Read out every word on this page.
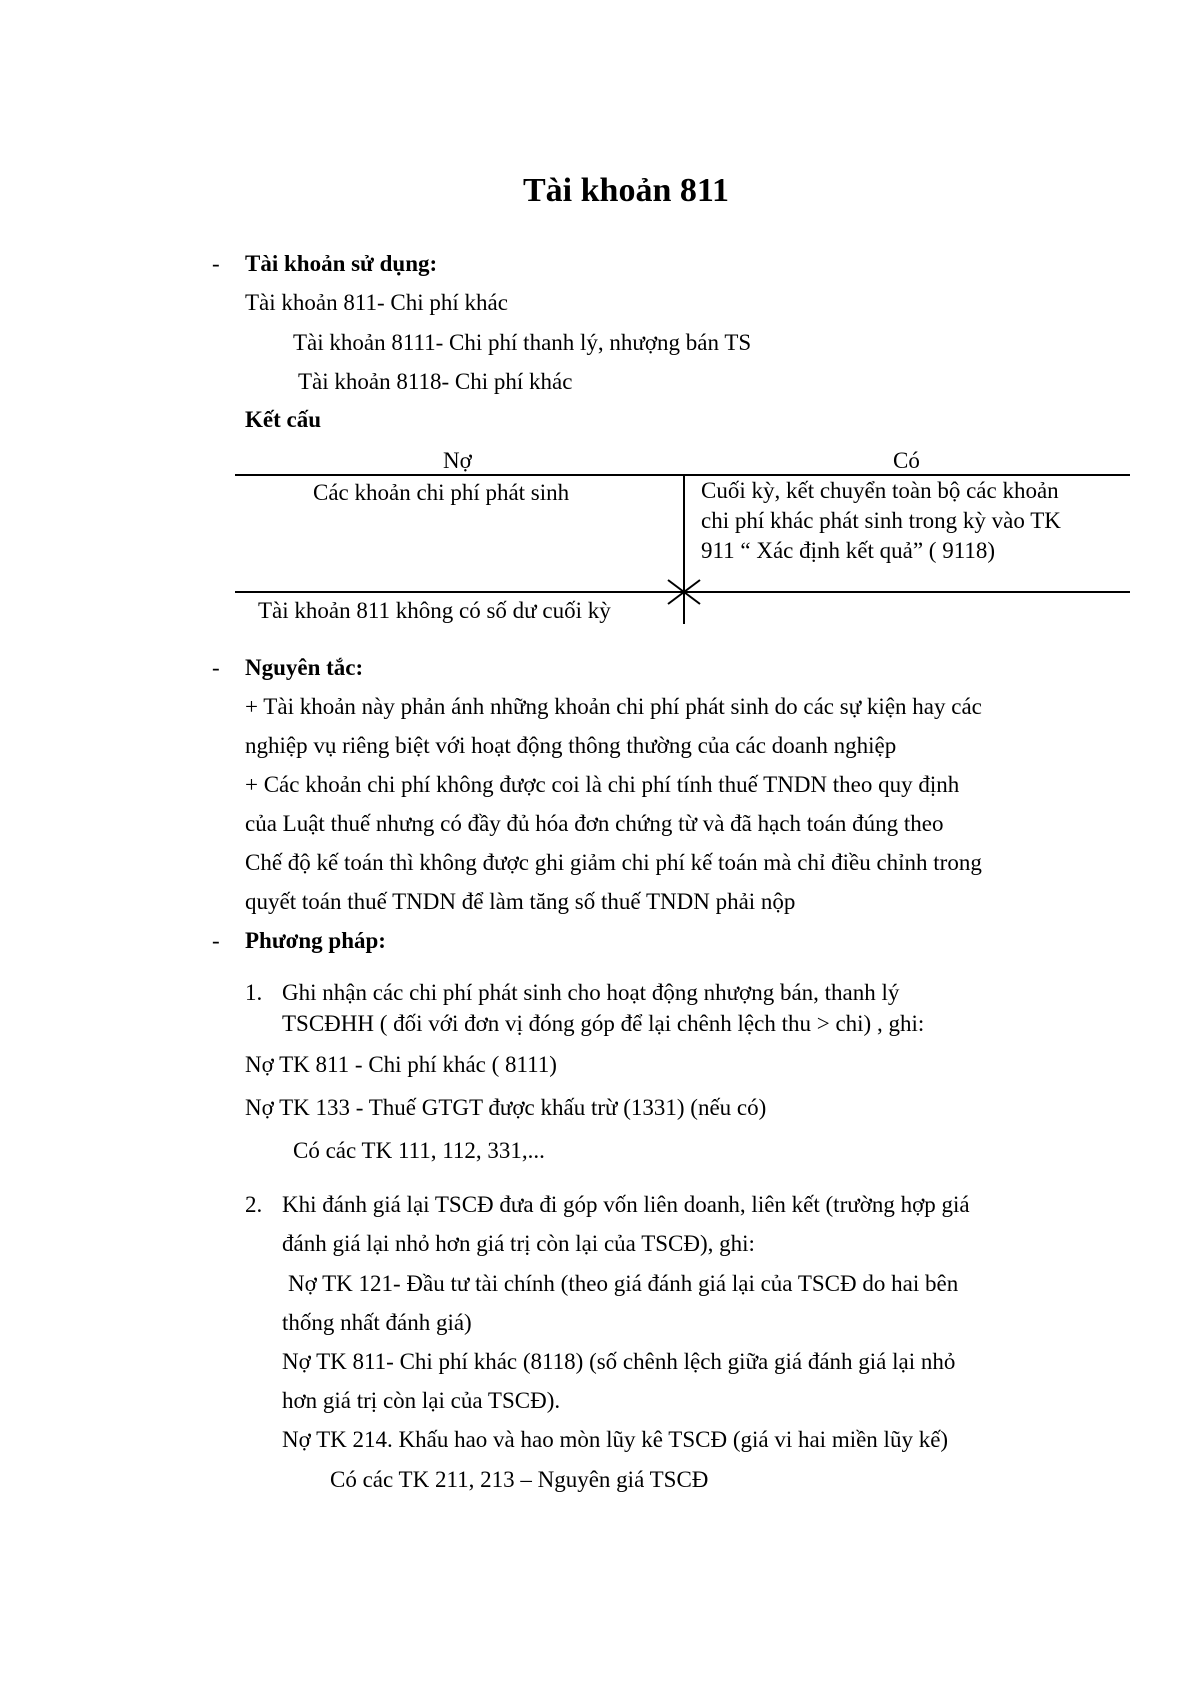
Tài khoản 811
- Tài khoản sử dụng:
Tài khoản 811- Chi phí khác
Tài khoản 8111- Chi phí thanh lý, nhượng bán TS
Tài khoản 8118- Chi phí khác
Kết cấu
Nợ	Có
Các khoản chi phí phát sinh	Cuối kỳ, kết chuyển toàn bộ các khoản
chi phí khác phát sinh trong kỳ vào TK
911 “ Xác định kết quả” ( 9118)
Tài khoản 811 không có số dư cuối kỳ
- Nguyên tắc:
+ Tài khoản này phản ánh những khoản chi phí phát sinh do các sự kiện hay các
nghiệp vụ riêng biệt với hoạt động thông thường của các doanh nghiệp
+ Các khoản chi phí không được coi là chi phí tính thuế TNDN theo quy định
của Luật thuế nhưng có đầy đủ hóa đơn chứng từ và đã hạch toán đúng theo
Chế độ kế toán thì không được ghi giảm chi phí kế toán mà chỉ điều chỉnh trong
quyết toán thuế TNDN để làm tăng số thuế TNDN phải nộp
- Phương pháp:
1. Ghi nhận các chi phí phát sinh cho hoạt động nhượng bán, thanh lý
TSCĐHH ( đối với đơn vị đóng góp để lại chênh lệch thu > chi) , ghi:
Nợ TK 811 - Chi phí khác ( 8111)
Nợ TK 133 - Thuế GTGT được khấu trừ (1331) (nếu có)
Có các TK 111, 112, 331,...
2. Khi đánh giá lại TSCĐ đưa đi góp vốn liên doanh, liên kết (trường hợp giá
đánh giá lại nhỏ hơn giá trị còn lại của TSCĐ), ghi:
Nợ TK 121- Đầu tư tài chính (theo giá đánh giá lại của TSCĐ do hai bên
thống nhất đánh giá)
Nợ TK 811- Chi phí khác (8118) (số chênh lệch giữa giá đánh giá lại nhỏ
hơn giá trị còn lại của TSCĐ).
Nợ TK 214. Khấu hao và hao mòn lũy kê TSCĐ (giá vi hai miền lũy kế)
Có các TK 211, 213 – Nguyên giá TSCĐ
